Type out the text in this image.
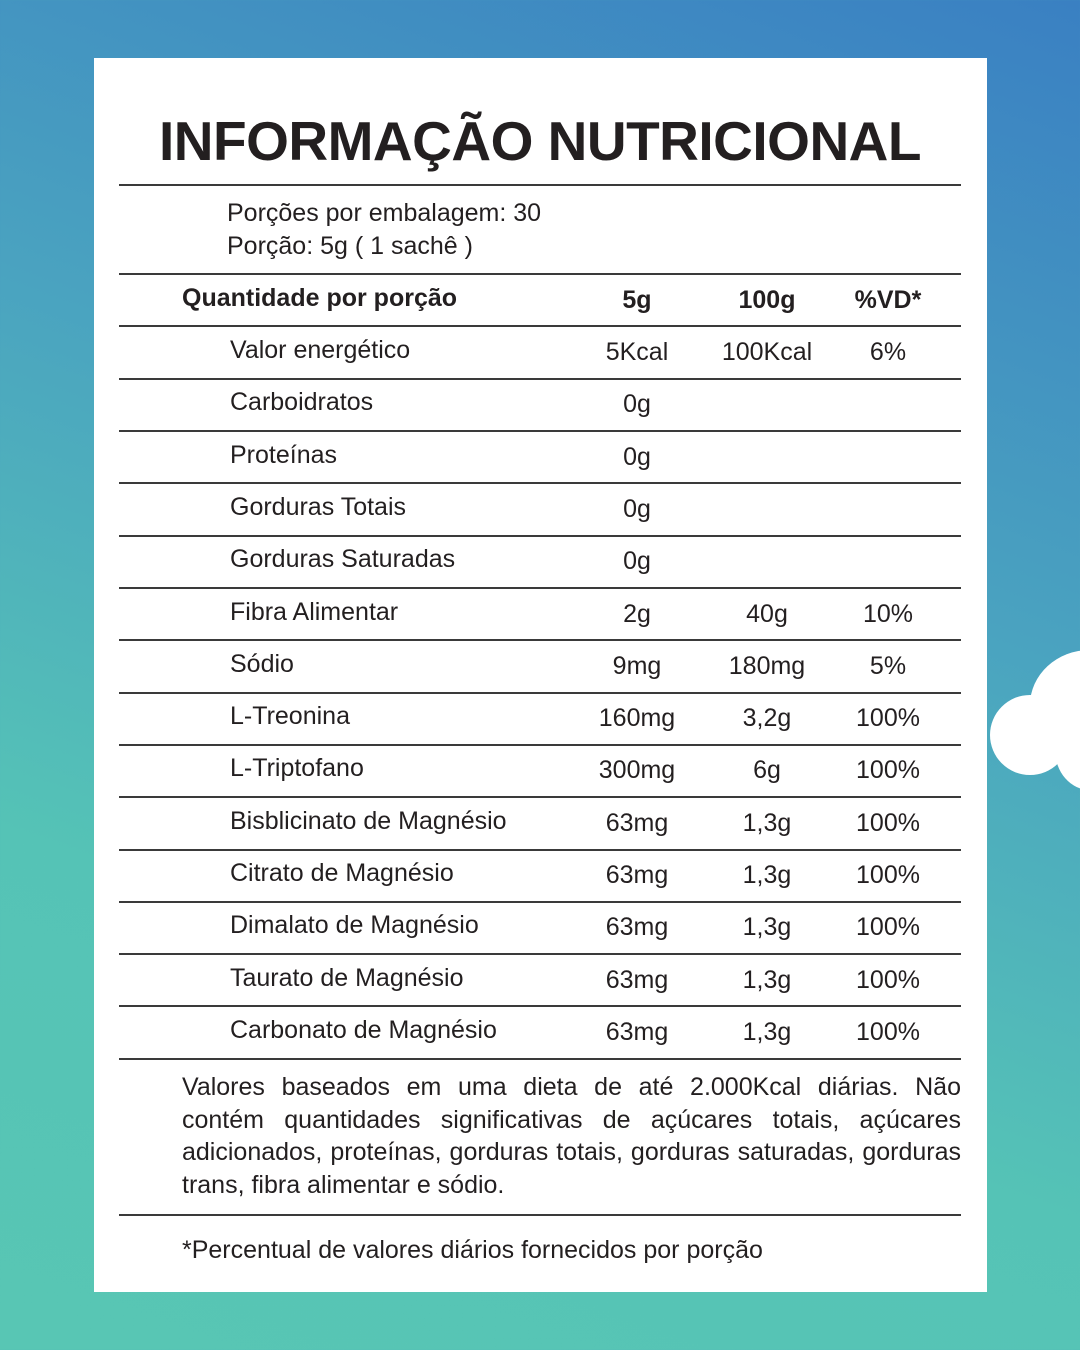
INFORMAÇÃO NUTRICIONAL
Porções por embalagem: 30
Porção: 5g ( 1 sachê )
Quantidade por porção	5g	100g	%VD*
Valor energético	5Kcal	100Kcal	6%
Carboidratos	0g
Proteínas	0g
Gorduras Totais	0g
Gorduras Saturadas	0g
Fibra Alimentar	2g	40g	10%
Sódio	9mg	180mg	5%
L-Treonina	160mg	3,2g	100%
L-Triptofano	300mg	6g	100%
Bisblicinato de Magnésio	63mg	1,3g	100%
Citrato de Magnésio	63mg	1,3g	100%
Dimalato de Magnésio	63mg	1,3g	100%
Taurato de Magnésio	63mg	1,3g	100%
Carbonato de Magnésio	63mg	1,3g	100%

Valores baseados em uma dieta de até 2.000Kcal diárias. Não contém quantidades significativas de açúcares totais, açúcares adicionados, proteínas, gorduras totais, gorduras saturadas, gorduras trans, fibra alimentar e sódio.

*Percentual de valores diários fornecidos por porção
